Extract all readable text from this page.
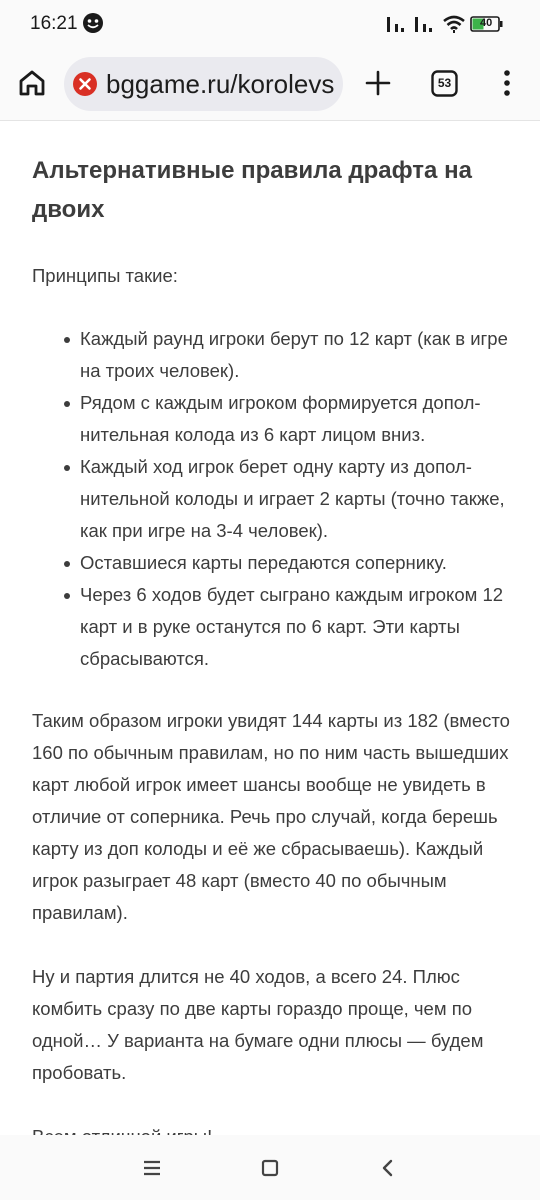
16:21	40
bggame.ru/korolevs	53
Альтернативные правила драфта на двоих

Принципы такие:

Каждый раунд игроки берут по 12 карт (как в игре на троих человек).
Рядом с каждым игроком формируется дополнительная колода из 6 карт лицом вниз.
Каждый ход игрок берет одну карту из дополнительной колоды и играет 2 карты (точно также, как при игре на 3-4 человек).
Оставшиеся карты передаются сопернику.
Через 6 ходов будет сыграно каждым игроком 12 карт и в руке останутся по 6 карт. Эти карты сбрасываются.

Таким образом игроки увидят 144 карты из 182 (вместо 160 по обычным правилам, но по ним часть вышедших карт любой игрок имеет шансы вообще не увидеть в отличие от соперника. Речь про случай, когда берешь карту из доп колоды и её же сбрасываешь). Каждый игрок разыграет 48 карт (вместо 40 по обычным правилам).

Ну и партия длится не 40 ходов, а всего 24. Плюс комбить сразу по две карты гораздо проще, чем по одной… У варианта на бумаге одни плюсы — будем пробовать.
